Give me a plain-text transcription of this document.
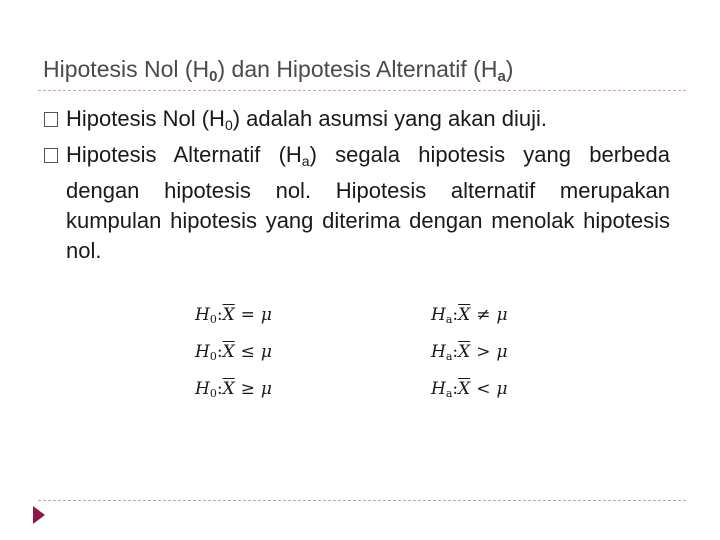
Hipotesis Nol $(H_0)$ dan Hipotesis Alternatif $(H_a)$
Hipotesis Nol $(H_0)$ adalah asumsi yang akan diuji.
Hipotesis Alternatif $(H_a)$ segala hipotesis yang berbeda dengan hipotesis nol. Hipotesis alternatif merupakan kumpulan hipotesis yang diterima dengan menolak hipotesis nol.
$H_0:\overline{X} = \mu$
$H_0:\overline{X} \le \mu$
$H_0:\overline{X} \ge \mu$
$H_a:\overline{X} \ne \mu$
$H_a:\overline{X} > \mu$
$H_a:\overline{X} < \mu$
